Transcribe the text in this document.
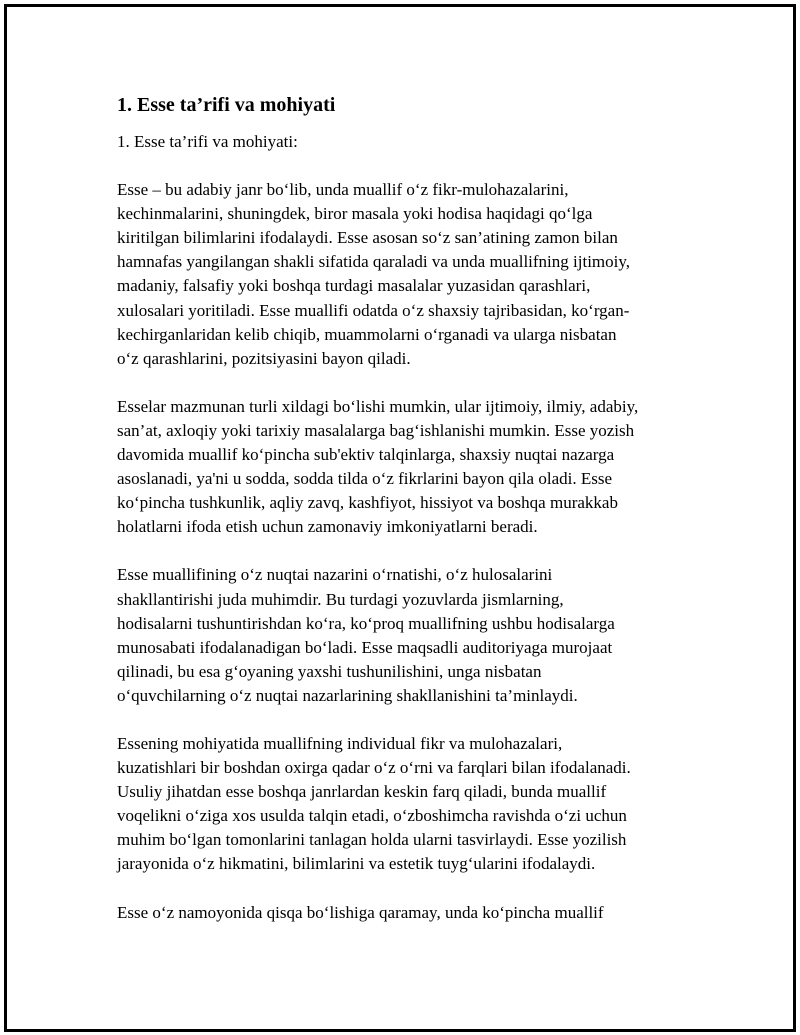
1. Esse ta’rifi va mohiyati
1. Esse ta’rifi va mohiyati:
Esse – bu adabiy janr bo‘lib, unda muallif o‘z fikr-mulohazalarini,
kechinmalarini, shuningdek, biror masala yoki hodisa haqidagi qo‘lga
kiritilgan bilimlarini ifodalaydi. Esse asosan so‘z san’atining zamon bilan
hamnafas yangilangan shakli sifatida qaraladi va unda muallifning ijtimoiy,
madaniy, falsafiy yoki boshqa turdagi masalalar yuzasidan qarashlari,
xulosalari yoritiladi. Esse muallifi odatda o‘z shaxsiy tajribasidan, ko‘rgan-
kechirganlaridan kelib chiqib, muammolarni o‘rganadi va ularga nisbatan
o‘z qarashlarini, pozitsiyasini bayon qiladi.
Esselar mazmunan turli xildagi bo‘lishi mumkin, ular ijtimoiy, ilmiy, adabiy,
san’at, axloqiy yoki tarixiy masalalarga bag‘ishlanishi mumkin. Esse yozish
davomida muallif ko‘pincha sub'ektiv talqinlarga, shaxsiy nuqtai nazarga
asoslanadi, ya'ni u sodda, sodda tilda o‘z fikrlarini bayon qila oladi. Esse
ko‘pincha tushkunlik, aqliy zavq, kashfiyot, hissiyot va boshqa murakkab
holatlarni ifoda etish uchun zamonaviy imkoniyatlarni beradi.
Esse muallifining o‘z nuqtai nazarini o‘rnatishi, o‘z hulosalarini
shakllantirishi juda muhimdir. Bu turdagi yozuvlarda jismlarning,
hodisalarni tushuntirishdan ko‘ra, ko‘proq muallifning ushbu hodisalarga
munosabati ifodalanadigan bo‘ladi. Esse maqsadli auditoriyaga murojaat
qilinadi, bu esa g‘oyaning yaxshi tushunilishini, unga nisbatan
o‘quvchilarning o‘z nuqtai nazarlarining shakllanishini ta’minlaydi.
Essening mohiyatida muallifning individual fikr va mulohazalari,
kuzatishlari bir boshdan oxirga qadar o‘z o‘rni va farqlari bilan ifodalanadi.
Usuliy jihatdan esse boshqa janrlardan keskin farq qiladi, bunda muallif
voqelikni o‘ziga xos usulda talqin etadi, o‘zboshimcha ravishda o‘zi uchun
muhim bo‘lgan tomonlarini tanlagan holda ularni tasvirlaydi. Esse yozilish
jarayonida o‘z hikmatini, bilimlarini va estetik tuyg‘ularini ifodalaydi.
Esse o‘z namoyonida qisqa bo‘lishiga qaramay, unda ko‘pincha muallif
